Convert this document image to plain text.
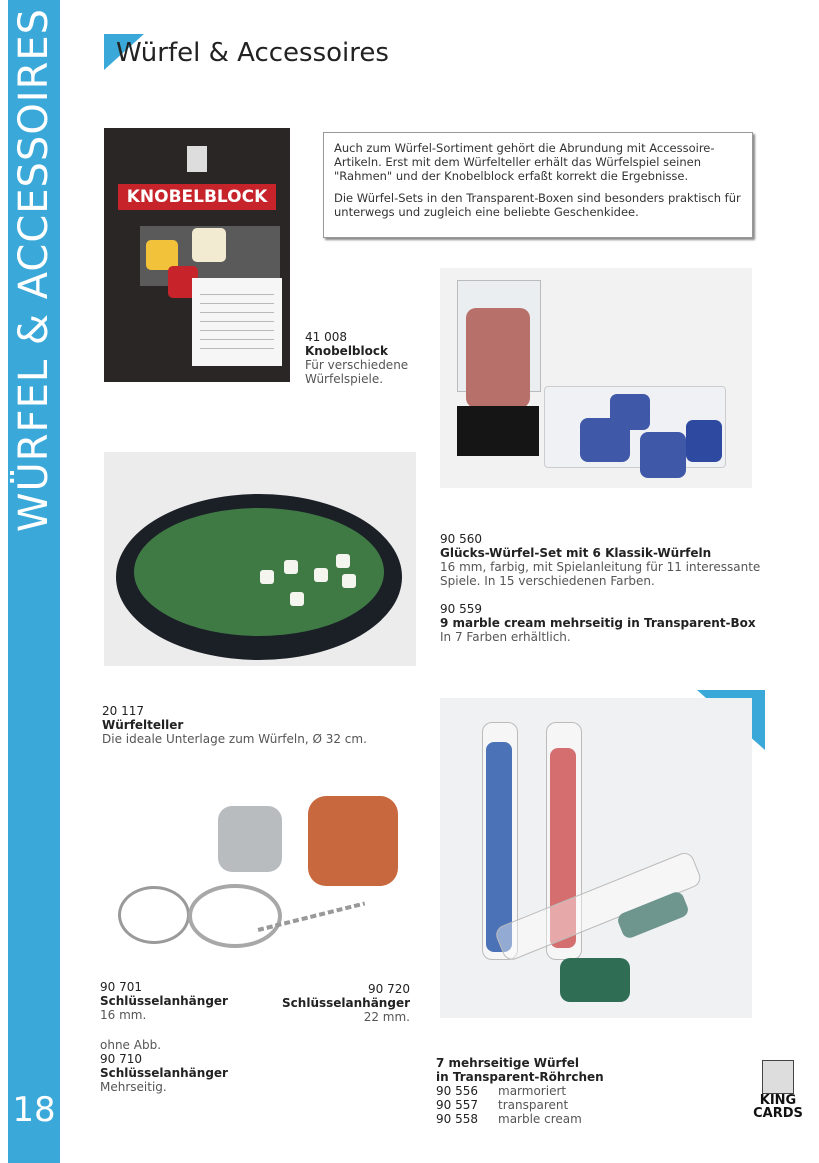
WÜRFEL & ACCESSOIRES
18
Würfel & Accessoires
KNOBELBLOCK
41 008
Knobelblock
Für verschiedene Würfelspiele.

Auch zum Würfel-Sortiment gehört die Abrundung mit Accessoire-Artikeln. Erst mit dem Würfelteller erhält das Würfelspiel seinen "Rahmen" und der Knobelblock erfaßt korrekt die Ergebnisse.

Die Würfel-Sets in den Transparent-Boxen sind besonders praktisch für unterwegs und zugleich eine beliebte Geschenkidee.

90 560
Glücks-Würfel-Set mit 6 Klassik-Würfeln
16 mm, farbig, mit Spielanleitung für 11 interessante Spiele. In 15 verschiedenen Farben.
90 559
9 marble cream mehrseitig in Transparent-Box
In 7 Farben erhältlich.
20 117
Würfelteller
Die ideale Unterlage zum Würfeln, Ø 32 cm.
90 701
Schlüsselanhänger
16 mm.
90 720
Schlüsselanhänger
22 mm.
ohne Abb.
90 710
Schlüsselanhänger
Mehrseitig.
7 mehrseitige Würfel
in Transparent-Röhrchen
90 556 marmoriert
90 557 transparent
90 558 marble cream
KING
CARDS
